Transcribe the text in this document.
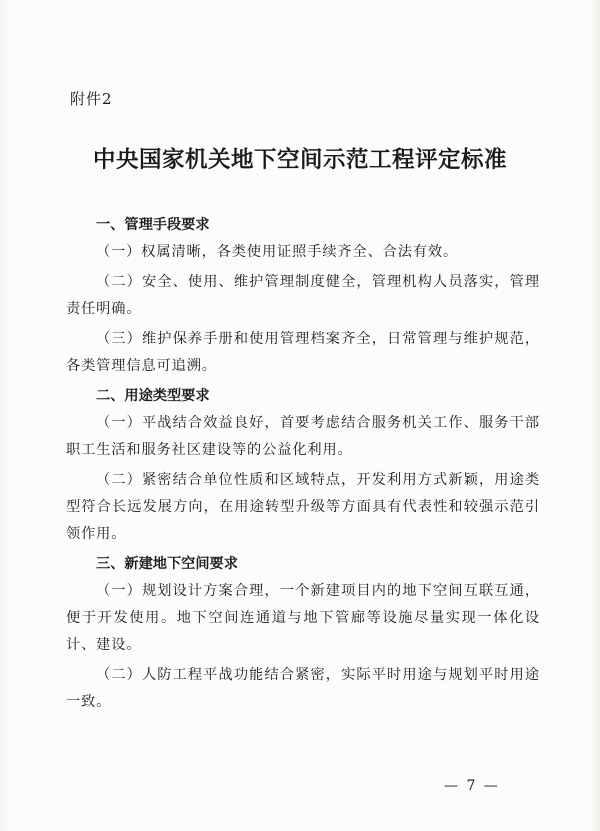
附件2
中央国家机关地下空间示范工程评定标准

一、管理手段要求

（一）权属清晰，各类使用证照手续齐全、合法有效。

（二）安全、使用、维护管理制度健全，管理机构人员落实，管理责任明确。

（三）维护保养手册和使用管理档案齐全，日常管理与维护规范，各类管理信息可追溯。

二、用途类型要求

（一）平战结合效益良好，首要考虑结合服务机关工作、服务干部职工生活和服务社区建设等的公益化利用。

（二）紧密结合单位性质和区域特点，开发利用方式新颖，用途类型符合长远发展方向，在用途转型升级等方面具有代表性和较强示范引领作用。

三、新建地下空间要求

（一）规划设计方案合理，一个新建项目内的地下空间互联互通，便于开发使用。地下空间连通道与地下管廊等设施尽量实现一体化设计、建设。

（二）人防工程平战功能结合紧密，实际平时用途与规划平时用途一致。

— 7 —
